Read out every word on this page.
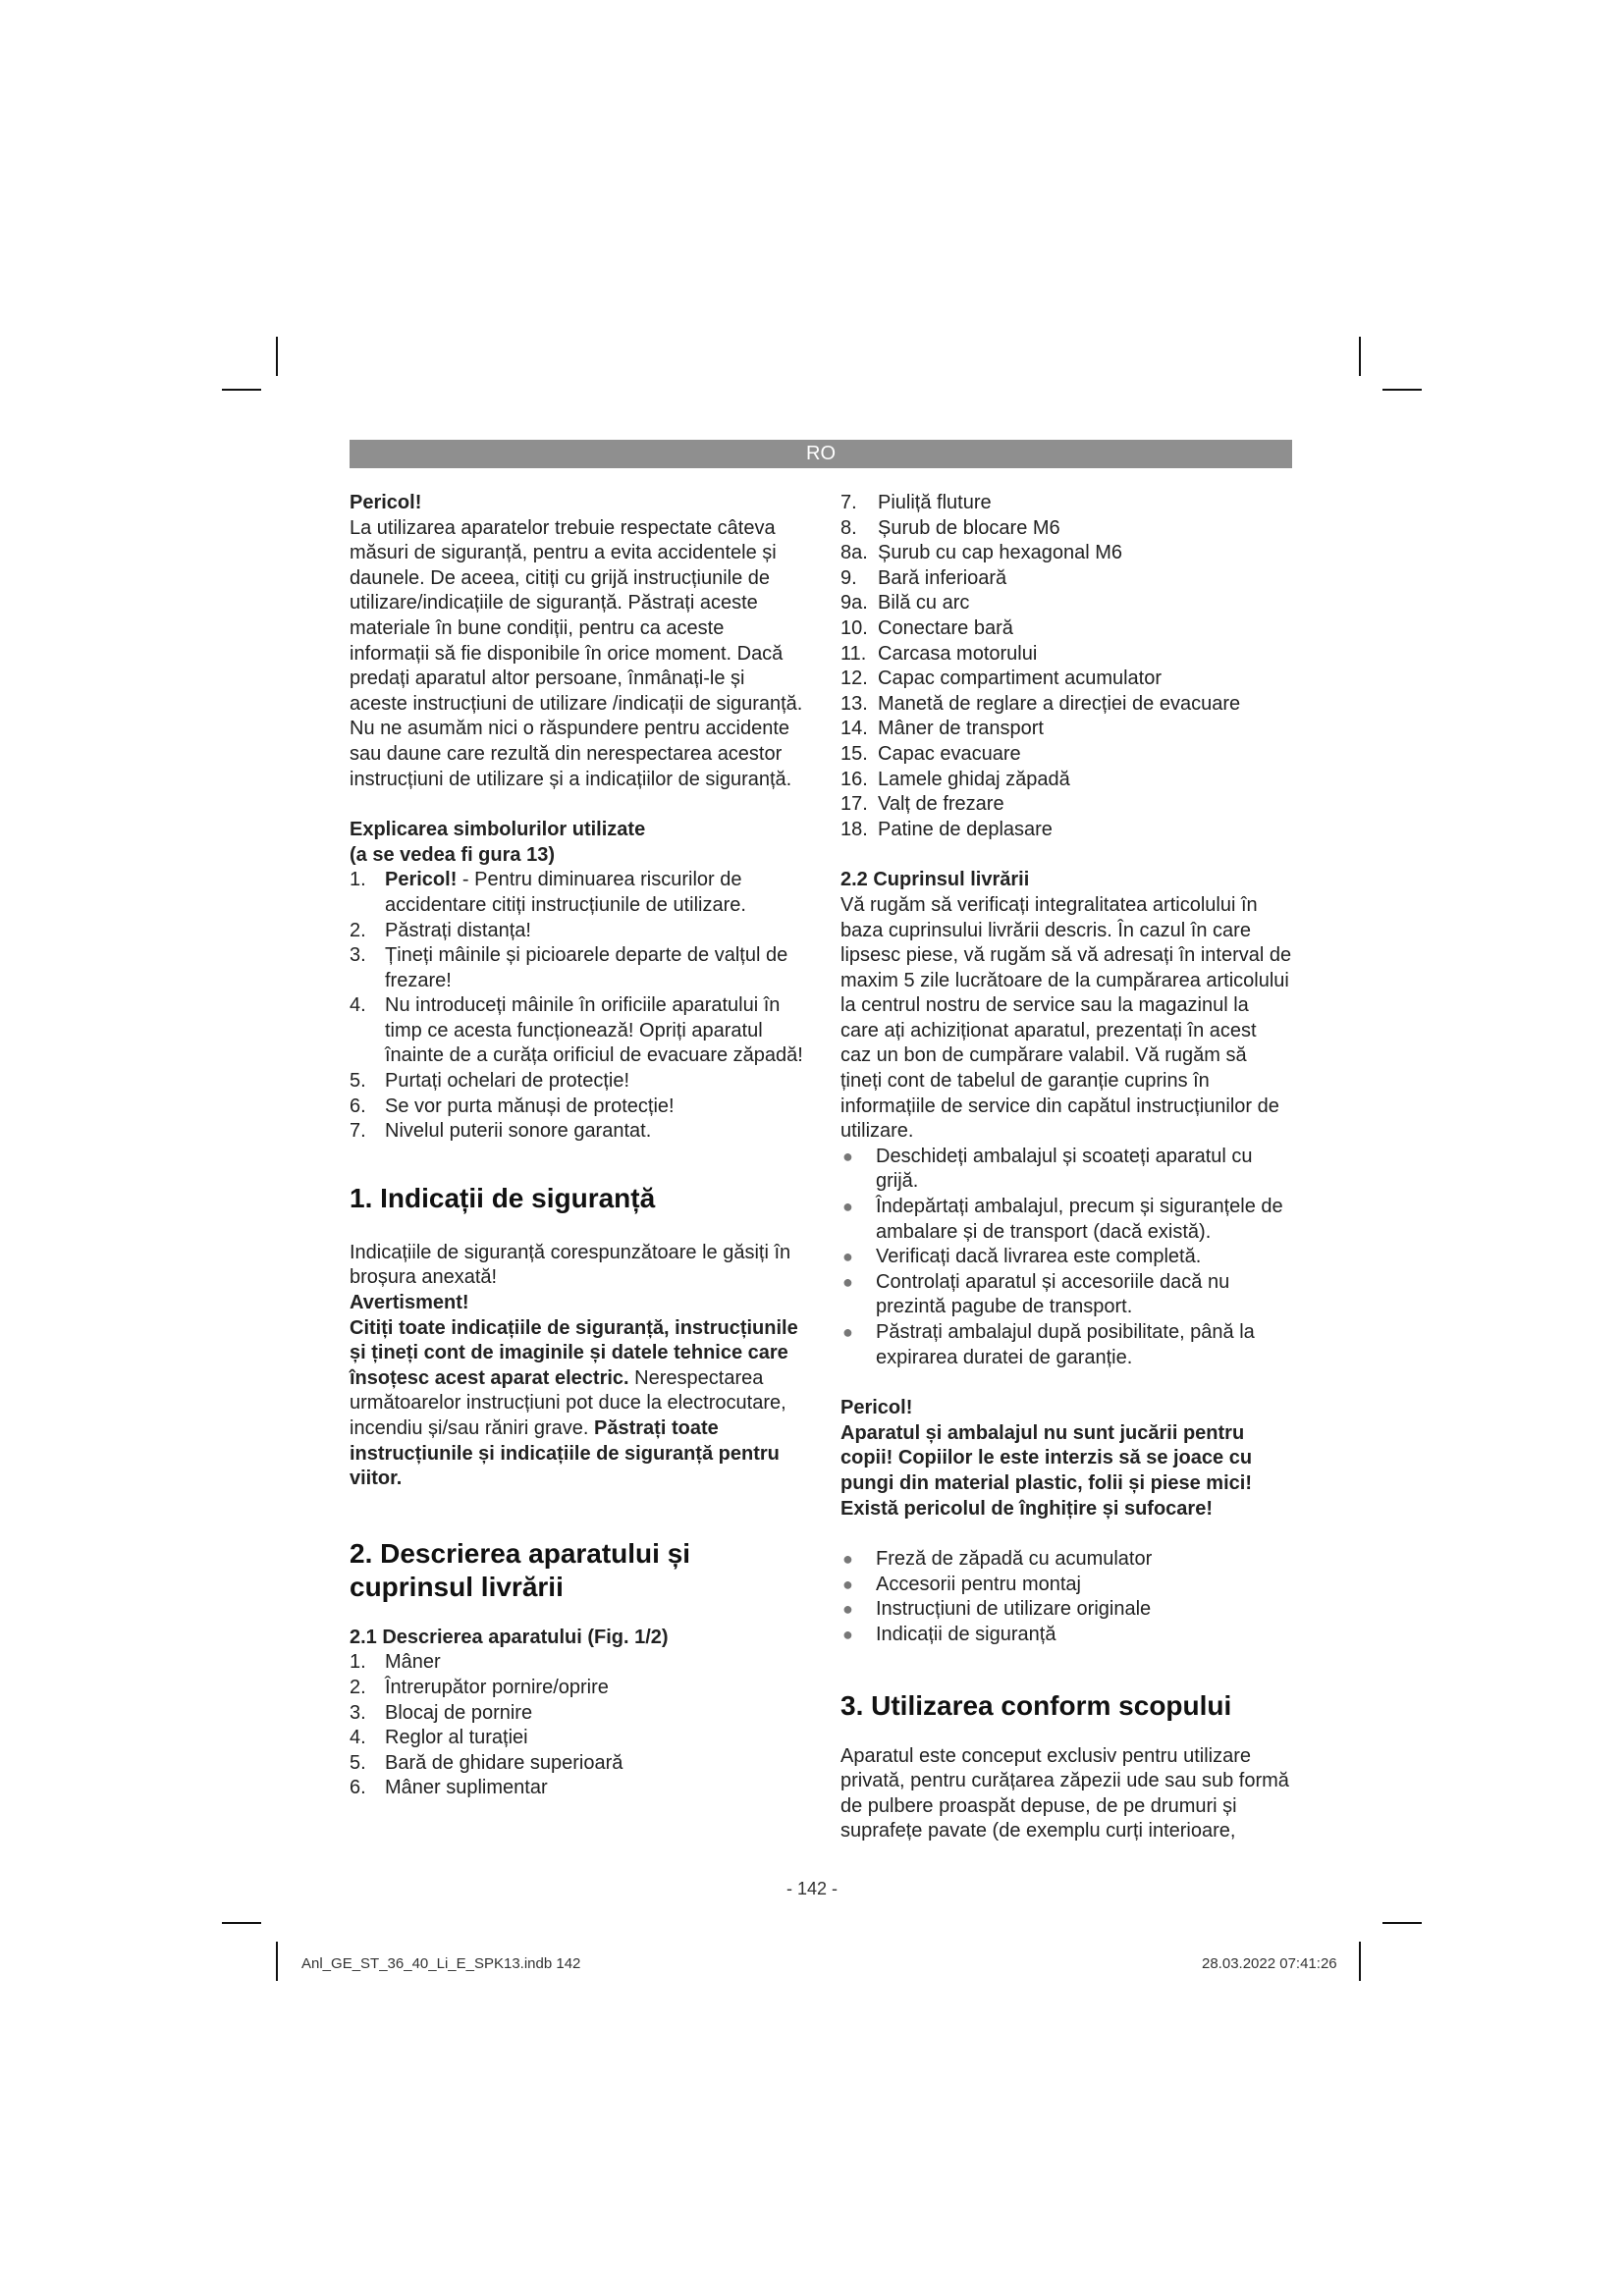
RO

Pericol!

La utilizarea aparatelor trebuie respectate câteva măsuri de siguranță, pentru a evita accidentele și daunele. De aceea, citiți cu grijă instrucțiunile de utilizare/indicațiile de siguranță. Păstrați aceste materiale în bune condiții, pentru ca aceste informații să fie disponibile în orice moment. Dacă predați aparatul altor persoane, înmânați-le și aceste instrucțiuni de utilizare /indicații de siguranță. Nu ne asumăm nici o răspundere pentru accidente sau daune care rezultă din nerespectarea acestor instrucțiuni de utilizare și a indicațiilor de siguranță.

Explicarea simbolurilor utilizate

(a se vedea fi gura 13)

1. Pericol! - Pentru diminuarea riscurilor de accidentare citiți instrucțiunile de utilizare.
2. Păstrați distanța!
3. Țineți mâinile și picioarele departe de valțul de frezare!
4. Nu introduceți mâinile în orificiile aparatului în timp ce acesta funcționează! Opriți aparatul înainte de a curăța orificiul de evacuare zăpadă!
5. Purtați ochelari de protecție!
6. Se vor purta mănuși de protecție!
7. Nivelul puterii sonore garantat.

1. Indicații de siguranță

Indicațiile de siguranță corespunzătoare le găsiți în broșura anexată!

Avertisment!

Citiți toate indicațiile de siguranță, instrucțiunile și țineți cont de imaginile și datele tehnice care însoțesc acest aparat electric. Nerespectarea următoarelor instrucțiuni pot duce la electrocutare, incendiu și/sau răniri grave. Păstrați toate instrucțiunile și indicațiile de siguranță pentru viitor.

2. Descrierea aparatului și cuprinsul livrării

2.1 Descrierea aparatului (Fig. 1/2)

1. Mâner
2. Întrerupător pornire/oprire
3. Blocaj de pornire
4. Reglor al turației
5. Bară de ghidare superioară
6. Mâner suplimentar
7.	Piuliță fluture
8.	Șurub de blocare M6
8a. Șurub cu cap hexagonal M6
9.	Bară inferioară
9a. Bilă cu arc
10. Conectare bară
11. Carcasa motorului
12. Capac compartiment acumulator
13. Manetă de reglare a direcției de evacuare
14. Mâner de transport
15. Capac evacuare
16. Lamele ghidaj zăpadă
17. Valț de frezare
18. Patine de deplasare

2.2 Cuprinsul livrării

Vă rugăm să verificați integralitatea articolului în baza cuprinsului livrării descris. În cazul în care lipsesc piese, vă rugăm să vă adresați în interval de maxim 5 zile lucrătoare de la cumpărarea articolului la centrul nostru de service sau la magazinul la care ați achiziționat aparatul, prezentați în acest caz un bon de cumpărare valabil. Vă rugăm să țineți cont de tabelul de garanție cuprins în informațiile de service din capătul instrucțiunilor de utilizare.

●	Deschideți ambalajul și scoateți aparatul cu grijă.
●	Îndepărtați ambalajul, precum și siguranțele de ambalare și de transport (dacă există).
●	Verificați dacă livrarea este completă.
●	Controlați aparatul și accesoriile dacă nu prezintă pagube de transport.
●	Păstrați ambalajul după posibilitate, până la expirarea duratei de garanție.

Pericol!

Aparatul și ambalajul nu sunt jucării pentru copii! Copiilor le este interzis să se joace cu pungi din material plastic, folii și piese mici! Există pericolul de înghițire și sufocare!

●	Freză de zăpadă cu acumulator
●	Accesorii pentru montaj
●	Instrucțiuni de utilizare originale
●	Indicații de siguranță

3. Utilizarea conform scopului

Aparatul este conceput exclusiv pentru utilizare privată, pentru curățarea zăpezii ude sau sub formă de pulbere proaspăt depuse, de pe drumuri și suprafețe pavate (de exemplu curți interioare,

- 142 -
Anl_GE_ST_36_40_Li_E_SPK13.indb 142	28.03.2022 07:41:26
